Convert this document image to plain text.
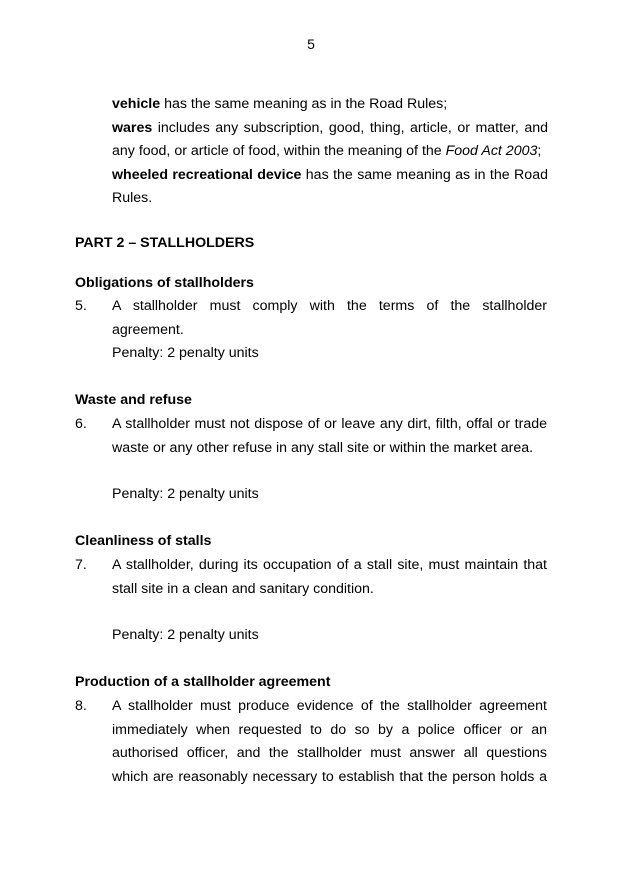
5
vehicle has the same meaning as in the Road Rules;
wares includes any subscription, good, thing, article, or matter, and any food, or article of food, within the meaning of the Food Act 2003;
wheeled recreational device has the same meaning as in the Road Rules.
PART 2 – STALLHOLDERS
Obligations of stallholders
5. A stallholder must comply with the terms of the stallholder agreement.
Penalty: 2 penalty units
Waste and refuse
6. A stallholder must not dispose of or leave any dirt, filth, offal or trade waste or any other refuse in any stall site or within the market area.
Penalty: 2 penalty units
Cleanliness of stalls
7. A stallholder, during its occupation of a stall site, must maintain that stall site in a clean and sanitary condition.
Penalty: 2 penalty units
Production of a stallholder agreement
8. A stallholder must produce evidence of the stallholder agreement immediately when requested to do so by a police officer or an authorised officer, and the stallholder must answer all questions which are reasonably necessary to establish that the person holds a
